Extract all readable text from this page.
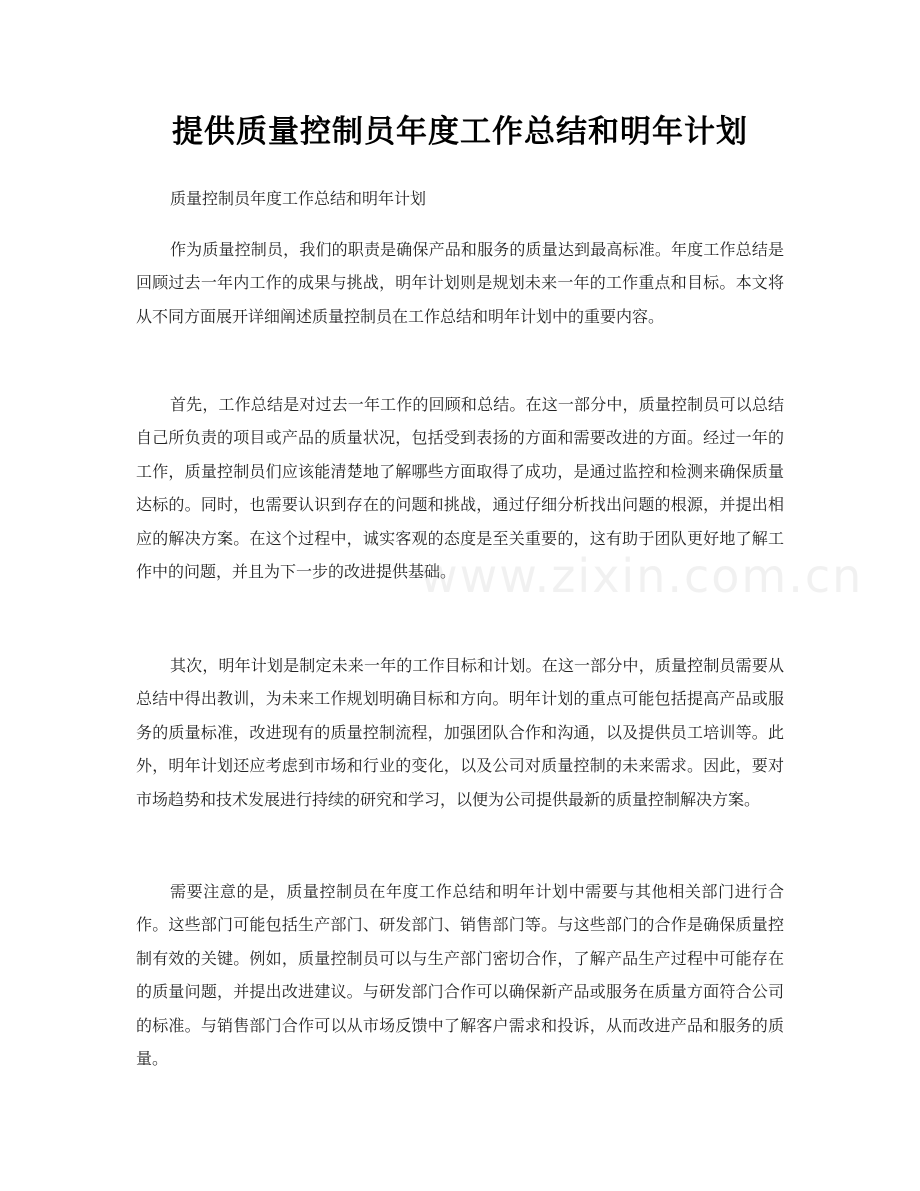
提供质量控制员年度工作总结和明年计划

质量控制员年度工作总结和明年计划

作为质量控制员，我们的职责是确保产品和服务的质量达到最高标准。年度工作总结是回顾过去一年内工作的成果与挑战，明年计划则是规划未来一年的工作重点和目标。本文将从不同方面展开详细阐述质量控制员在工作总结和明年计划中的重要内容。

首先，工作总结是对过去一年工作的回顾和总结。在这一部分中，质量控制员可以总结自己所负责的项目或产品的质量状况，包括受到表扬的方面和需要改进的方面。经过一年的工作，质量控制员们应该能清楚地了解哪些方面取得了成功，是通过监控和检测来确保质量达标的。同时，也需要认识到存在的问题和挑战，通过仔细分析找出问题的根源，并提出相应的解决方案。在这个过程中，诚实客观的态度是至关重要的，这有助于团队更好地了解工作中的问题，并且为下一步的改进提供基础。

其次，明年计划是制定未来一年的工作目标和计划。在这一部分中，质量控制员需要从总结中得出教训，为未来工作规划明确目标和方向。明年计划的重点可能包括提高产品或服务的质量标准，改进现有的质量控制流程，加强团队合作和沟通，以及提供员工培训等。此外，明年计划还应考虑到市场和行业的变化，以及公司对质量控制的未来需求。因此，要对市场趋势和技术发展进行持续的研究和学习，以便为公司提供最新的质量控制解决方案。

需要注意的是，质量控制员在年度工作总结和明年计划中需要与其他相关部门进行合作。这些部门可能包括生产部门、研发部门、销售部门等。与这些部门的合作是确保质量控制有效的关键。例如，质量控制员可以与生产部门密切合作，了解产品生产过程中可能存在的质量问题，并提出改进建议。与研发部门合作可以确保新产品或服务在质量方面符合公司的标准。与销售部门合作可以从市场反馈中了解客户需求和投诉，从而改进产品和服务的质量。

www.zixin.com.cn
